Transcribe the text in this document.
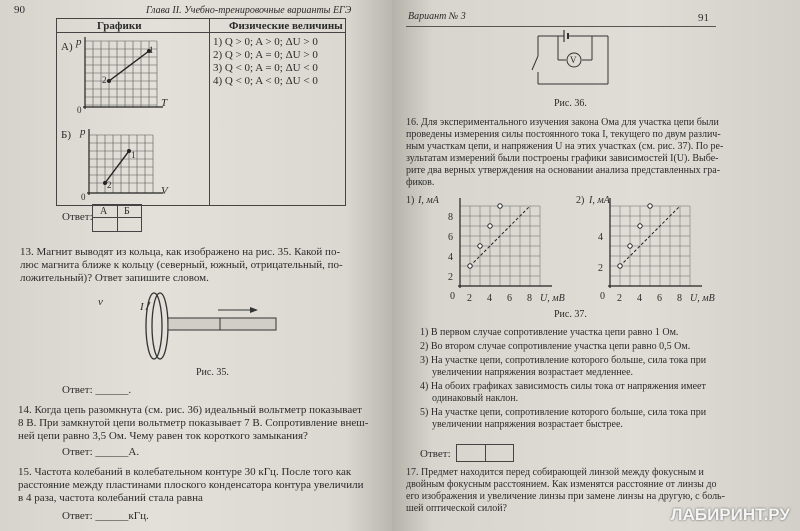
90	Глава II. Учебно-тренировочные варианты ЕГЭ
Графики	Физические величины
1) Q > 0; A > 0; ΔU > 0
2) Q > 0; A = 0; ΔU > 0
3) Q < 0; A = 0; ΔU < 0
4) Q < 0; A < 0; ΔU < 0
А) p
T
0
1
2
Б) p
V
0
1
2
Ответ: А Б
13. Магнит выводят из кольца, как изображено на рис. 35. Какой по-
люс магнита ближе к кольцу (северный, южный, отрицательный, по-
ложительный)? Ответ запишите словом.
v	I
Рис. 35.
Ответ: ______.
14. Когда цепь разомкнута (см. рис. 36) идеальный вольтметр показывает
8 В. При замкнутой цепи вольтметр показывает 7 В. Сопротивление внеш-
ней цепи равно 3,5 Ом. Чему равен ток короткого замыкания?
Ответ: ______А.
15. Частота колебаний в колебательном контуре 30 кГц. После того как
расстояние между пластинами плоского конденсатора контура увеличили
в 4 раза, частота колебаний стала равна
Ответ: ______кГц.
Вариант № 3	91
V
Рис. 36.
16. Для экспериментального изучения закона Ома для участка цепи были
проведены измерения силы постоянного тока I, текущего по двум различ-
ным участкам цепи, и напряжения U на этих участках (см. рис. 37). По ре-
зультатам измерений были построены графики зависимостей I(U). Выбе-
рите два верных утверждения на основании анализа представленных гра-
фиков.
1) I, мА
8
6
4
2
0 2 4 6 8 U, мВ
2) I, мА
4
2
0 2 4 6 8 U, мВ
Рис. 37.
1) В первом случае сопротивление участка цепи равно 1 Ом.
2) Во втором случае сопротивление участка цепи равно 0,5 Ом.
3) На участке цепи, сопротивление которого больше, сила тока при
увеличении напряжения возрастает медленнее.
4) На обоих графиках зависимость силы тока от напряжения имеет
одинаковый наклон.
5) На участке цепи, сопротивление которого больше, сила тока при
увеличении напряжения возрастает быстрее.
Ответ:
17. Предмет находится перед собирающей линзой между фокусным и
двойным фокусным расстоянием. Как изменятся расстояние от линзы до
его изображения и увеличение линзы при замене линзы на другую, с боль-
шей оптической силой?	ЛАБИРИНТ.РУ
